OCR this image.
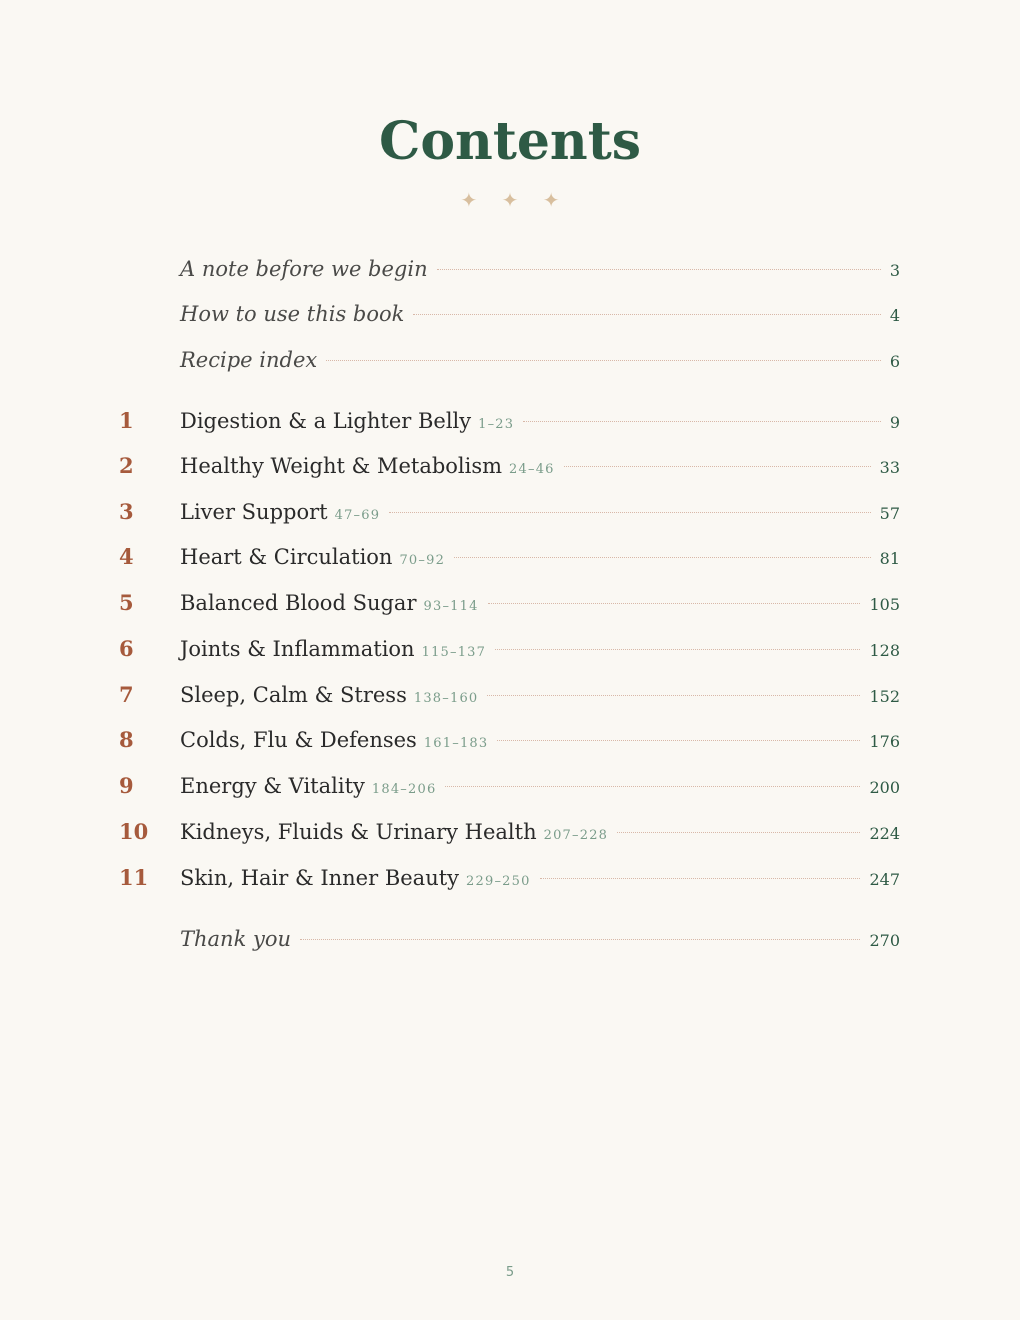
Contents
✦ ✦ ✦
A note before we begin	3
How to use this book	4
Recipe index	6
1 Digestion & a Lighter Belly 1–23	9
2 Healthy Weight & Metabolism 24–46	33
3 Liver Support 47–69	57
4 Heart & Circulation 70–92	81
5 Balanced Blood Sugar 93–114	105
6 Joints & Inflammation 115–137	128
7 Sleep, Calm & Stress 138–160	152
8 Colds, Flu & Defenses 161–183	176
9 Energy & Vitality 184–206	200
10 Kidneys, Fluids & Urinary Health 207–228	224
11 Skin, Hair & Inner Beauty 229–250	247
Thank you	270
5
